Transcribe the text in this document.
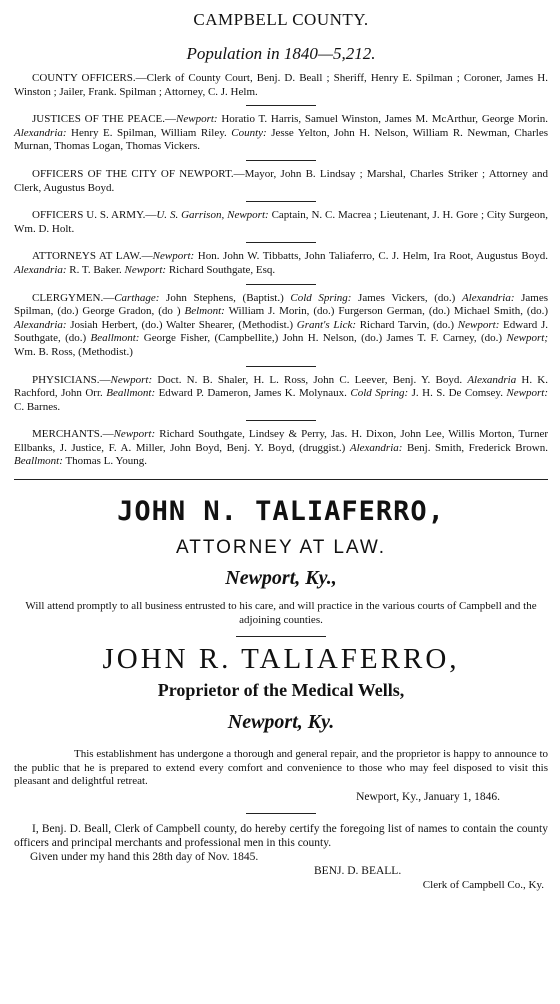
CAMPBELL COUNTY.
Population in 1840—5,212.

COUNTY OFFICERS.—Clerk of County Court, Benj. D. Beall ; Sheriff, Henry E. Spilman ; Coroner, James H. Winston ; Jailer, Frank. Spilman ; Attorney, C. J. Helm.

JUSTICES OF THE PEACE.—Newport: Horatio T. Harris, Samuel Winston, James M. McArthur, George Morin. Alexandria: Henry E. Spilman, William Riley. County: Jesse Yelton, John H. Nelson, William R. Newman, Charles Murnan, Thomas Logan, Thomas Vickers.

OFFICERS OF THE CITY OF NEWPORT.—Mayor, John B. Lindsay ; Marshal, Charles Striker ; Attorney and Clerk, Augustus Boyd.

OFFICERS U. S. ARMY.—U. S. Garrison, Newport: Captain, N. C. Macrea ; Lieutenant, J. H. Gore ; City Surgeon, Wm. D. Holt.

ATTORNEYS AT LAW.—Newport: Hon. John W. Tibbatts, John Taliaferro, C. J. Helm, Ira Root, Augustus Boyd. Alexandria: R. T. Baker. Newport: Richard Southgate, Esq.

CLERGYMEN.—Carthage: John Stephens, (Baptist.) Cold Spring: James Vickers, (do.) Alexandria: James Spilman, (do.) George Gradon, (do ) Belmont: William J. Morin, (do.) Furgerson German, (do.) Michael Smith, (do.) Alexandria: Josiah Herbert, (do.) Walter Shearer, (Methodist.) Grant's Lick: Richard Tarvin, (do.) Newport: Edward J. Southgate, (do.) Beallmont: George Fisher, (Campbellite,) John H. Nelson, (do.) James T. F. Carney, (do.) Newport; Wm. B. Ross, (Methodist.)

PHYSICIANS.—Newport: Doct. N. B. Shaler, H. L. Ross, John C. Leever, Benj. Y. Boyd. Alexandria H. K. Rachford, John Orr. Beallmont: Edward P. Dameron, James K. Molynaux. Cold Spring: J. H. S. De Comsey. Newport: C. Barnes.

MERCHANTS.—Newport: Richard Southgate, Lindsey & Perry, Jas. H. Dixon, John Lee, Willis Morton, Turner Ellbanks, J. Justice, F. A. Miller, John Boyd, Benj. Y. Boyd, (druggist.) Alexandria: Benj. Smith, Frederick Brown. Beallmont: Thomas L. Young.

JOHN N. TALIAFERRO,
ATTORNEY AT LAW.
Newport, Ky.,

Will attend promptly to all business entrusted to his care, and will practice in the various courts of Campbell and the adjoining counties.

JOHN R. TALIAFERRO,
Proprietor of the Medical Wells,
Newport, Ky.

This establishment has undergone a thorough and general repair, and the proprietor is happy to announce to the public that he is prepared to extend every comfort and convenience to those who may feel disposed to visit this pleasant and delightful retreat.

Newport, Ky., January 1, 1846.

I, Benj. D. Beall, Clerk of Campbell county, do hereby certify the foregoing list of names to contain the county officers and principal merchants and professional men in this county.

Given under my hand this 28th day of Nov. 1845.

BENJ. D. BEALL.

Clerk of Campbell Co., Ky.
